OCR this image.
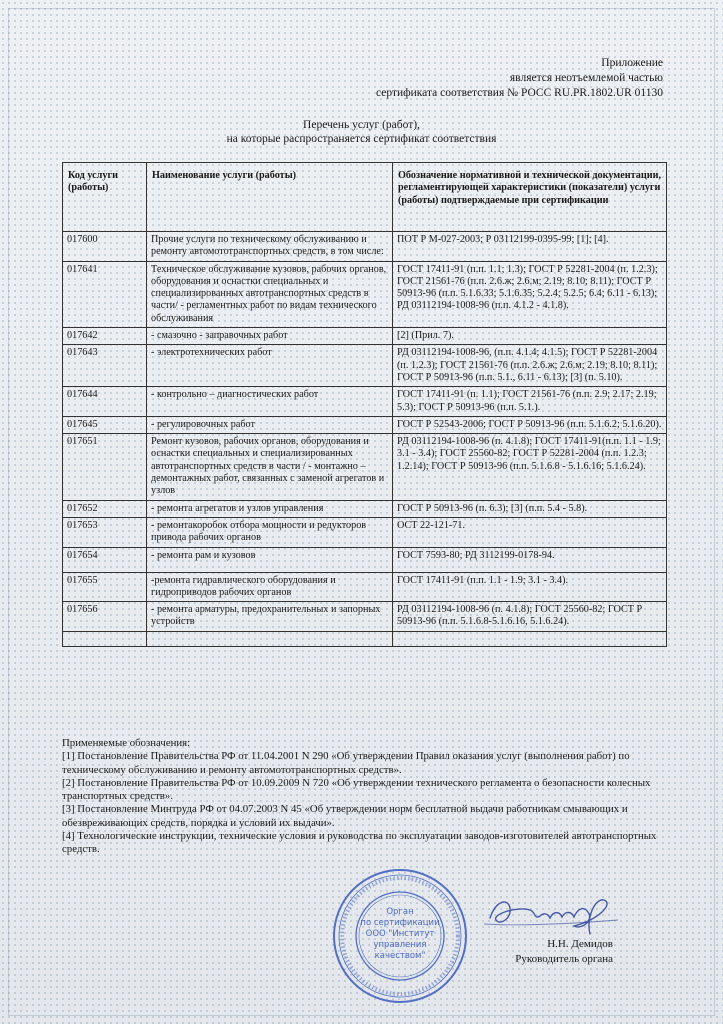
Приложение
является неотъемлемой частью
сертификата соответствия № РОСС RU.PR.1802.UR 01130
Перечень услуг (работ),
на которые распространяется сертификат соответствия
Код услуги (работы)	Наименование услуги (работы)	Обозначение нормативной и технической документации, регламентирующей характеристики (показатели) услуги (работы) подтверждаемые при сертификации
017600	Прочие услуги по техническому обслуживанию и ремонту автомототранспортных средств, в том числе:	ПОТ Р М-027-2003; Р 03112199-0395-99; [1]; [4].
017641	Техническое обслуживание кузовов, рабочих органов, оборудования и оснастки специальных и специализированных автотранспортных средств в части/ - регламентных работ по видам технического обслуживания	ГОСТ 17411-91 (п.п. 1.1; 1.3); ГОСТ Р 52281-2004 (п. 1.2.3); ГОСТ 21561-76 (п.п. 2.6.ж; 2.6.м; 2.19; 8.10; 8.11); ГОСТ Р 50913-96 (п.п. 5.1.6.33; 5.1.6.35; 5.2.4; 5.2.5; 6.4; 6.11 - 6.13); РД 03112194-1008-96 (п.п. 4.1.2 - 4.1.8).
017642	- смазочно - заправочных работ	[2] (Прил. 7).
017643	- электротехнических работ	РД 03112194-1008-96, (п.п. 4.1.4; 4.1.5); ГОСТ Р 52281-2004 (п. 1.2.3); ГОСТ 21561-76 (п.п. 2.6.ж; 2.6.м; 2.19; 8.10; 8.11); ГОСТ Р 50913-96 (п.п. 5.1., 6.11 - 6.13); [3] (п. 5.10).
017644	- контрольно – диагностических работ	ГОСТ 17411-91 (п. 1.1); ГОСТ 21561-76 (п.п. 2.9; 2.17; 2.19; 5.3); ГОСТ Р 50913-96 (п.п. 5.1.).
017645	- регулировочных работ	ГОСТ Р 52543-2006; ГОСТ Р 50913-96 (п.п. 5.1.6.2; 5.1.6.20).
017651	Ремонт кузовов, рабочих органов, оборудования и оснастки специальных и специализированных автотранспортных средств в части / - монтажно – демонтажных работ, связанных с заменой агрегатов и узлов	РД 03112194-1008-96 (п. 4.1.8); ГОСТ 17411-91(п.п. 1.1 - 1.9; 3.1 - 3.4); ГОСТ 25560-82; ГОСТ Р 52281-2004 (п.п. 1.2.3; 1.2.14); ГОСТ Р 50913-96 (п.п. 5.1.6.8 - 5.1.6.16; 5.1.6.24).
017652	- ремонта агрегатов и узлов управления	ГОСТ Р 50913-96 (п. 6.3); [3] (п.п. 5.4 - 5.8).
017653	- ремонтакоробок отбора мощности и редукторов привода рабочих органов	ОСТ 22-121-71.
017654	- ремонта рам и кузовов	ГОСТ 7593-80; РД 3112199-0178-94.
017655	-ремонта гидравлического оборудования и гидроприводов рабочих органов	ГОСТ 17411-91 (п.п. 1.1 - 1.9; 3.1 - 3.4).
017656	- ремонта арматуры, предохранительных и запорных устройств	РД 03112194-1008-96 (п. 4.1.8); ГОСТ 25560-82; ГОСТ Р 50913-96 (п.п. 5.1.6.8-5.1.6.16, 5.1.6.24).

Применяемые обозначения:

[1] Постановление Правительства РФ от 11.04.2001 N 290 «Об утверждении Правил оказания услуг (выполнения работ) по техническому обслуживанию и ремонту автомототранспортных средств».

[2] Постановление Правительства РФ от 10.09.2009 N 720 «Об утверждении технического регламента о безопасности колесных транспортных средств».

[3] Постановление Минтруда РФ от 04.07.2003 N 45 «Об утверждении норм бесплатной выдачи работникам смывающих и обезвреживающих средств, порядка и условий их выдачи».

[4] Технологические инструкции, технические условия и руководства по эксплуатации заводов-изготовителей автотранспортных средств.

Орган
по сертификации
ООО "Институт
управления
качеством"
Н.Н. Демидов
Руководитель органа
